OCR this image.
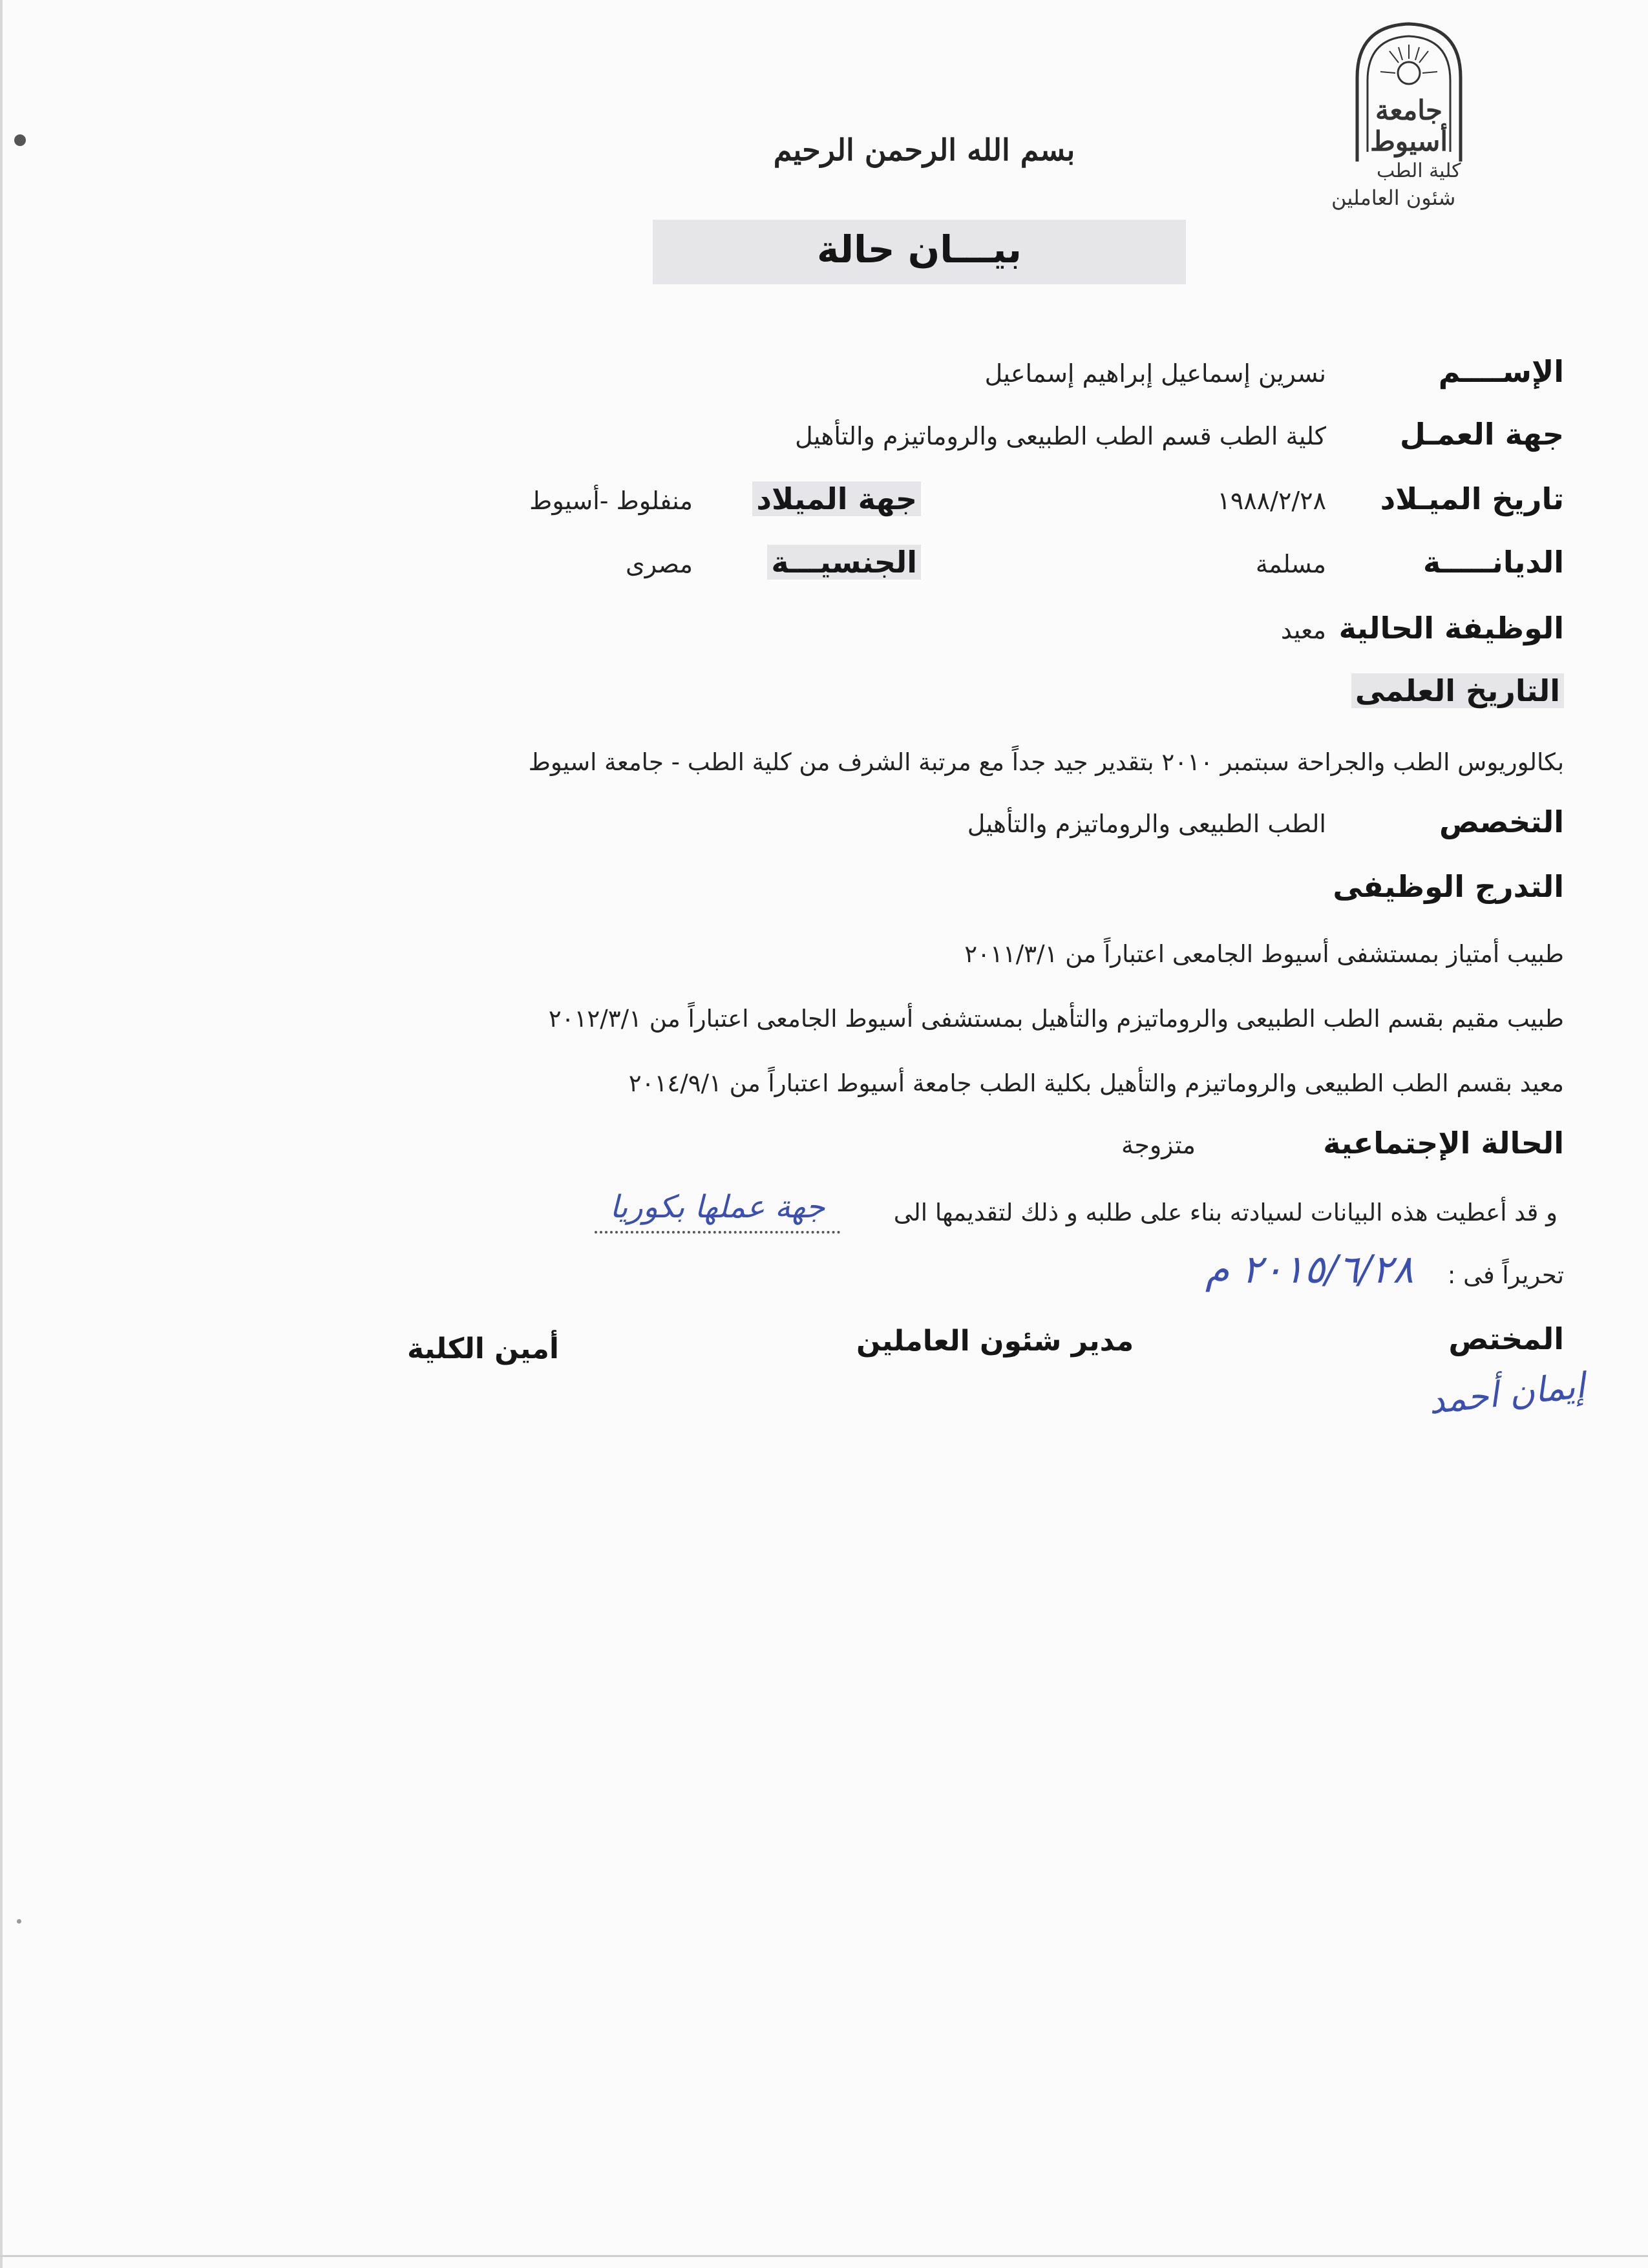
جامعة
أسيوط
كلية الطب
شئون العاملين
بسم الله الرحمن الرحيم
بيـــان حالة
الإســــم
نسرين إسماعيل إبراهيم إسماعيل
جهة العمـل
كلية الطب قسم الطب الطبيعى والروماتيزم والتأهيل
تاريخ الميـلاد
١٩٨٨/٢/٢٨
جهة الميلاد
منفلوط -أسيوط
الديانـــــة
مسلمة
الجنسيـــة
مصرى
الوظيفة الحالية
معيد
التاريخ العلمى
بكالوريوس الطب والجراحة سبتمبر ٢٠١٠ بتقدير جيد جداً مع مرتبة الشرف من كلية الطب - جامعة اسيوط
التخصص
الطب الطبيعى والروماتيزم والتأهيل
التدرج الوظيفى
طبيب أمتياز بمستشفى أسيوط الجامعى اعتباراً من ٢٠١١/٣/١
طبيب مقيم بقسم الطب الطبيعى والروماتيزم والتأهيل بمستشفى أسيوط الجامعى اعتباراً من ٢٠١٢/٣/١
معيد بقسم الطب الطبيعى والروماتيزم والتأهيل بكلية الطب جامعة أسيوط اعتباراً من ٢٠١٤/٩/١
الحالة الإجتماعية
متزوجة
و قد أعطيت هذه البيانات لسيادته بناء على طلبه و ذلك لتقديمها الى
جهة عملها بكوريا
تحريراً فى :
٢٠١٥/٦/٢٨ م
المختص
مدير شئون العاملين
أمين الكلية
إيمان أحمد
